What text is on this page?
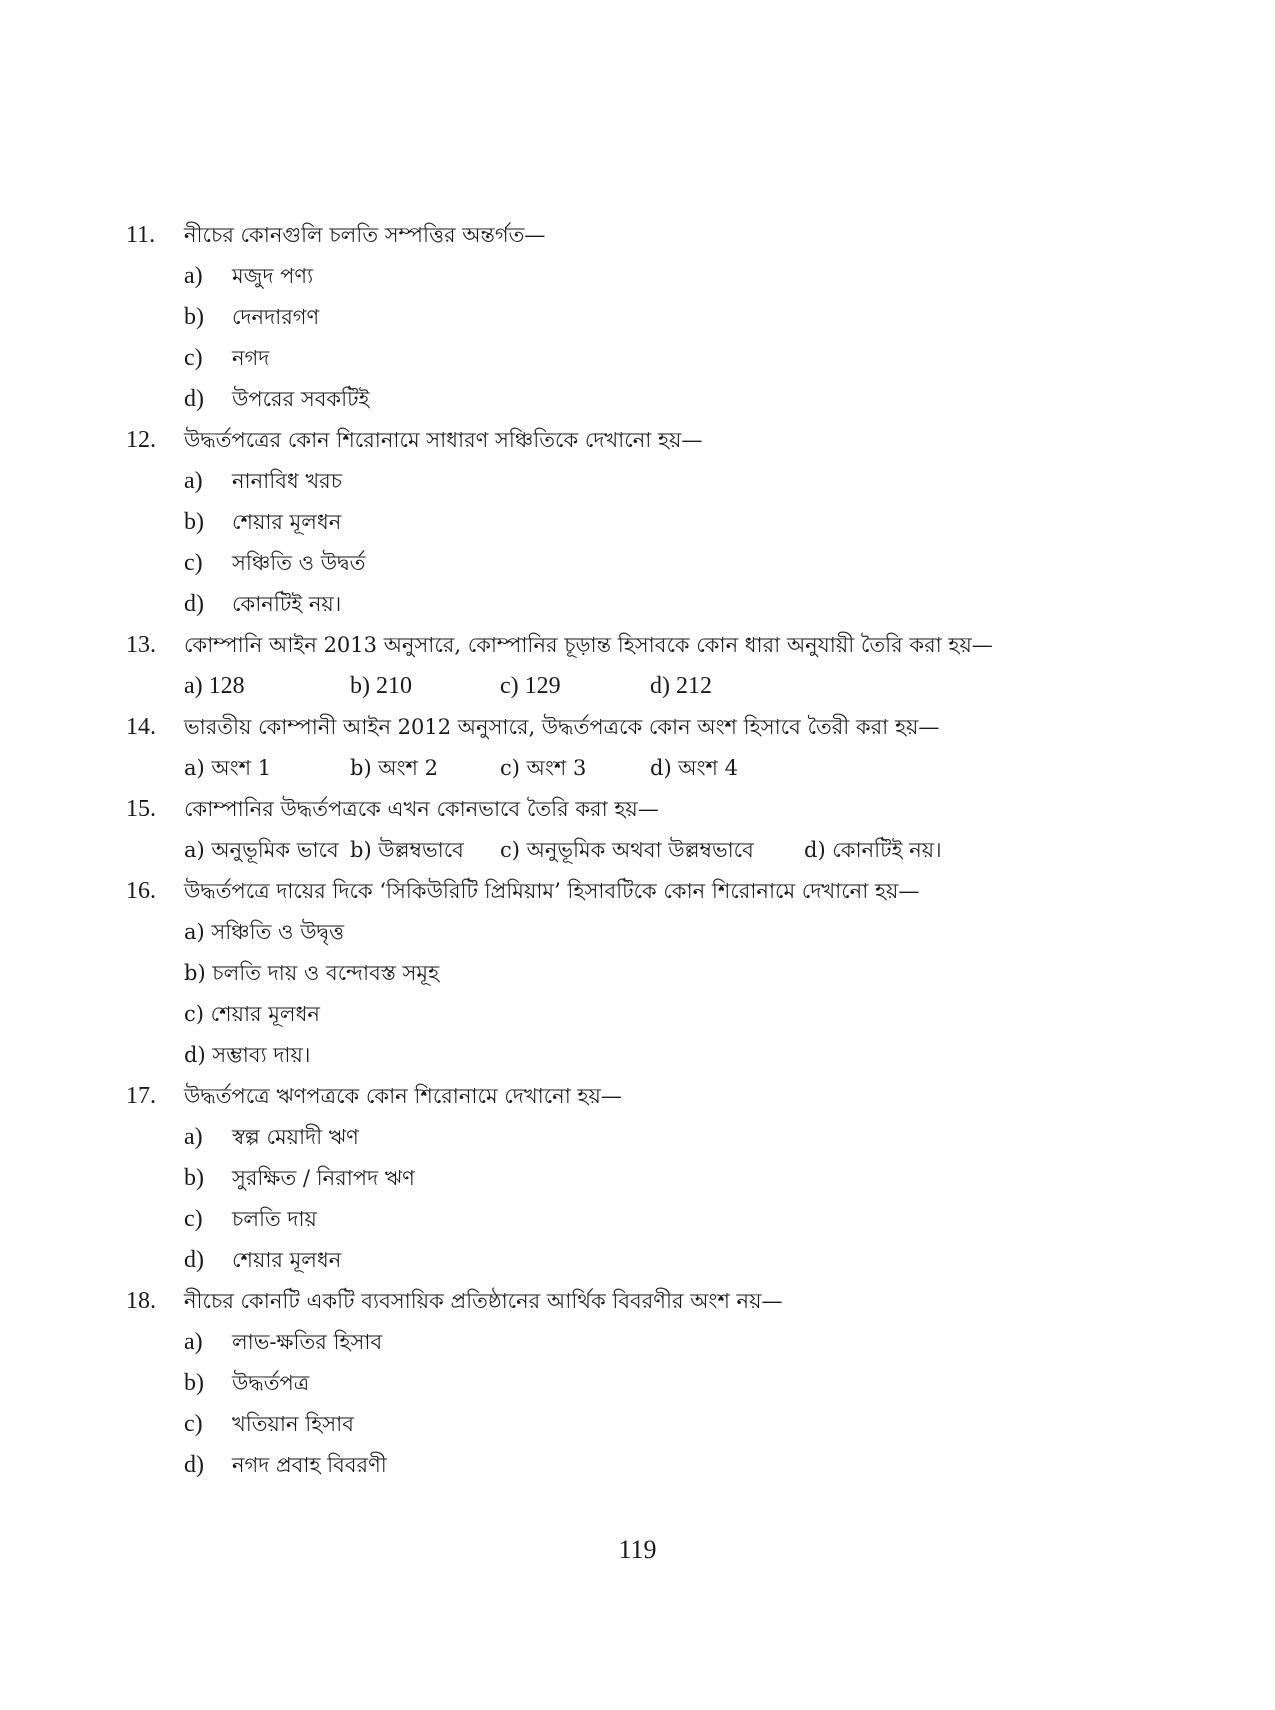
11.	নীচের কোনগুলি চলতি সম্পত্তির অন্তর্গত—
a)	মজুদ পণ্য
b)	দেনদারগণ
c)	নগদ
d)	উপরের সবকটিই
12.	উদ্ধর্তপত্রের কোন শিরোনামে সাধারণ সঞ্চিতিকে দেখানো হয়—
a)	নানাবিধ খরচ
b)	শেয়ার মূলধন
c)	সঞ্চিতি ও উদ্বর্ত
d)	কোনটিই নয়।
13.	কোম্পানি আইন 2013 অনুসারে, কোম্পানির চূড়ান্ত হিসাবকে কোন ধারা অনুযায়ী তৈরি করা হয়—
a) 128	b) 210	c) 129	d) 212
14.	ভারতীয় কোম্পানী আইন 2012 অনুসারে, উদ্ধর্তপত্রকে কোন অংশ হিসাবে তৈরী করা হয়—
a) অংশ 1	b) অংশ 2	c) অংশ 3	d) অংশ 4
15.	কোম্পানির উদ্ধর্তপত্রকে এখন কোনভাবে তৈরি করা হয়—
a) অনুভূমিক ভাবে b) উল্লম্বভাবে c) অনুভূমিক অথবা উল্লম্বভাবে d) কোনটিই নয়।
16.	উদ্ধর্তপত্রে দায়ের দিকে ‘সিকিউরিটি প্রিমিয়াম’ হিসাবটিকে কোন শিরোনামে দেখানো হয়—
a) সঞ্চিতি ও উদ্বৃত্ত
b) চলতি দায় ও বন্দোবস্ত সমূহ
c) শেয়ার মূলধন
d) সম্ভাব্য দায়।
17.	উদ্ধর্তপত্রে ঋণপত্রকে কোন শিরোনামে দেখানো হয়—
a)	স্বল্প মেয়াদী ঋণ
b)	সুরক্ষিত / নিরাপদ ঋণ
c)	চলতি দায়
d)	শেয়ার মূলধন
18.	নীচের কোনটি একটি ব্যবসায়িক প্রতিষ্ঠানের আর্থিক বিবরণীর অংশ নয়—
a)	লাভ-ক্ষতির হিসাব
b)	উদ্ধর্তপত্র
c)	খতিয়ান হিসাব
d)	নগদ প্রবাহ বিবরণী
119
